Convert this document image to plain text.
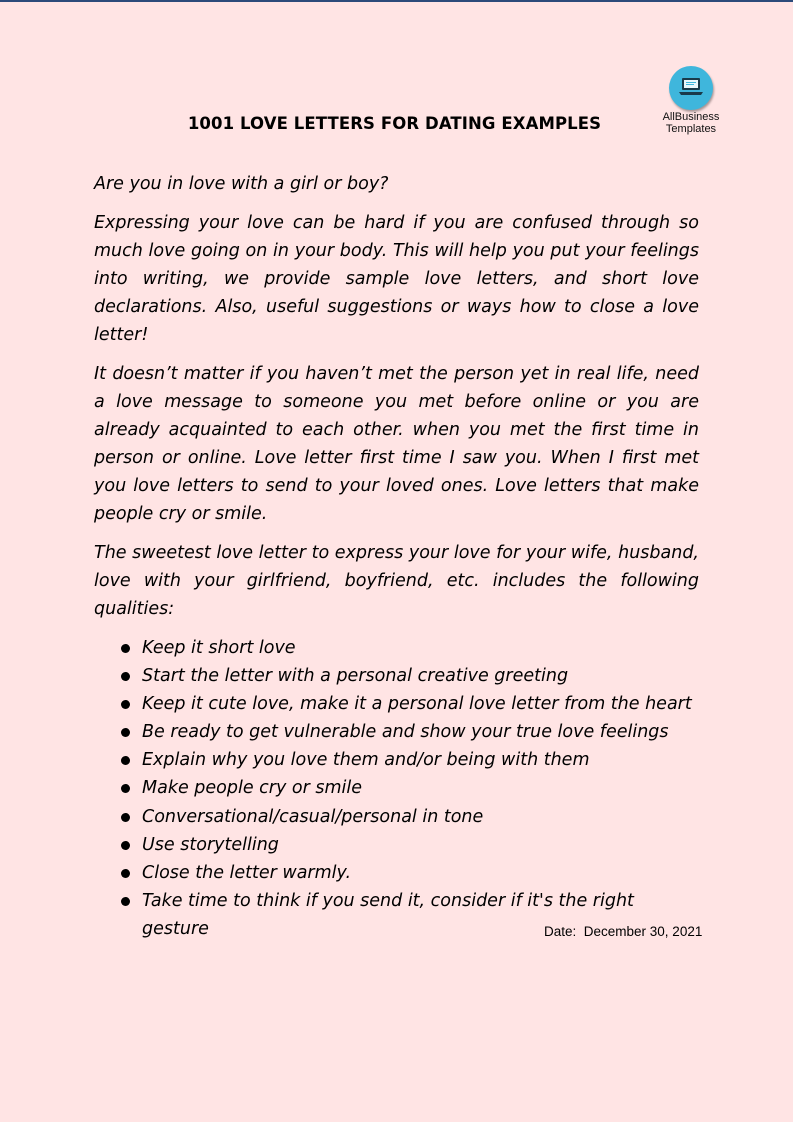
AllBusiness
Templates
1001 LOVE LETTERS FOR DATING EXAMPLES

Are you in love with a girl or boy?

Expressing your love can be hard if you are confused through so much love going on in your body. This will help you put your feelings into writing, we provide sample love letters, and short love declarations. Also, useful suggestions or ways how to close a love letter!

It doesn’t matter if you haven’t met the person yet in real life, need a love message to someone you met before online or you are already acquainted to each other. when you met the first time in person or online. Love letter first time I saw you. When I first met you love letters to send to your loved ones. Love letters that make people cry or smile.

The sweetest love letter to express your love for your wife, husband, love with your girlfriend, boyfriend, etc. includes the following qualities:

Keep it short love
Start the letter with a personal creative greeting
Keep it cute love, make it a personal love letter from the heart
Be ready to get vulnerable and show your true love feelings
Explain why you love them and/or being with them
Make people cry or smile
Conversational/casual/personal in tone
Use storytelling
Close the letter warmly.
Take time to think if you send it, consider if it's the right gesture	Date:  December 30, 2021
